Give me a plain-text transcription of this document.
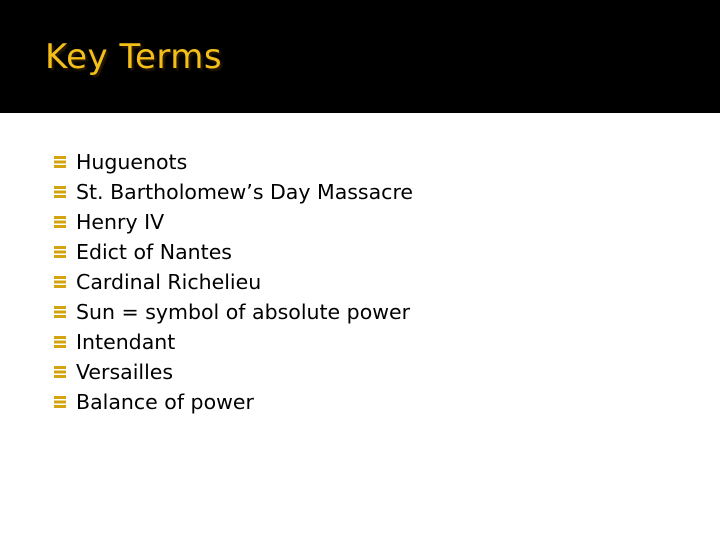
Key Terms
Huguenots
St. Bartholomew’s Day Massacre
Henry IV
Edict of Nantes
Cardinal Richelieu
Sun = symbol of absolute power
Intendant
Versailles
Balance of power
